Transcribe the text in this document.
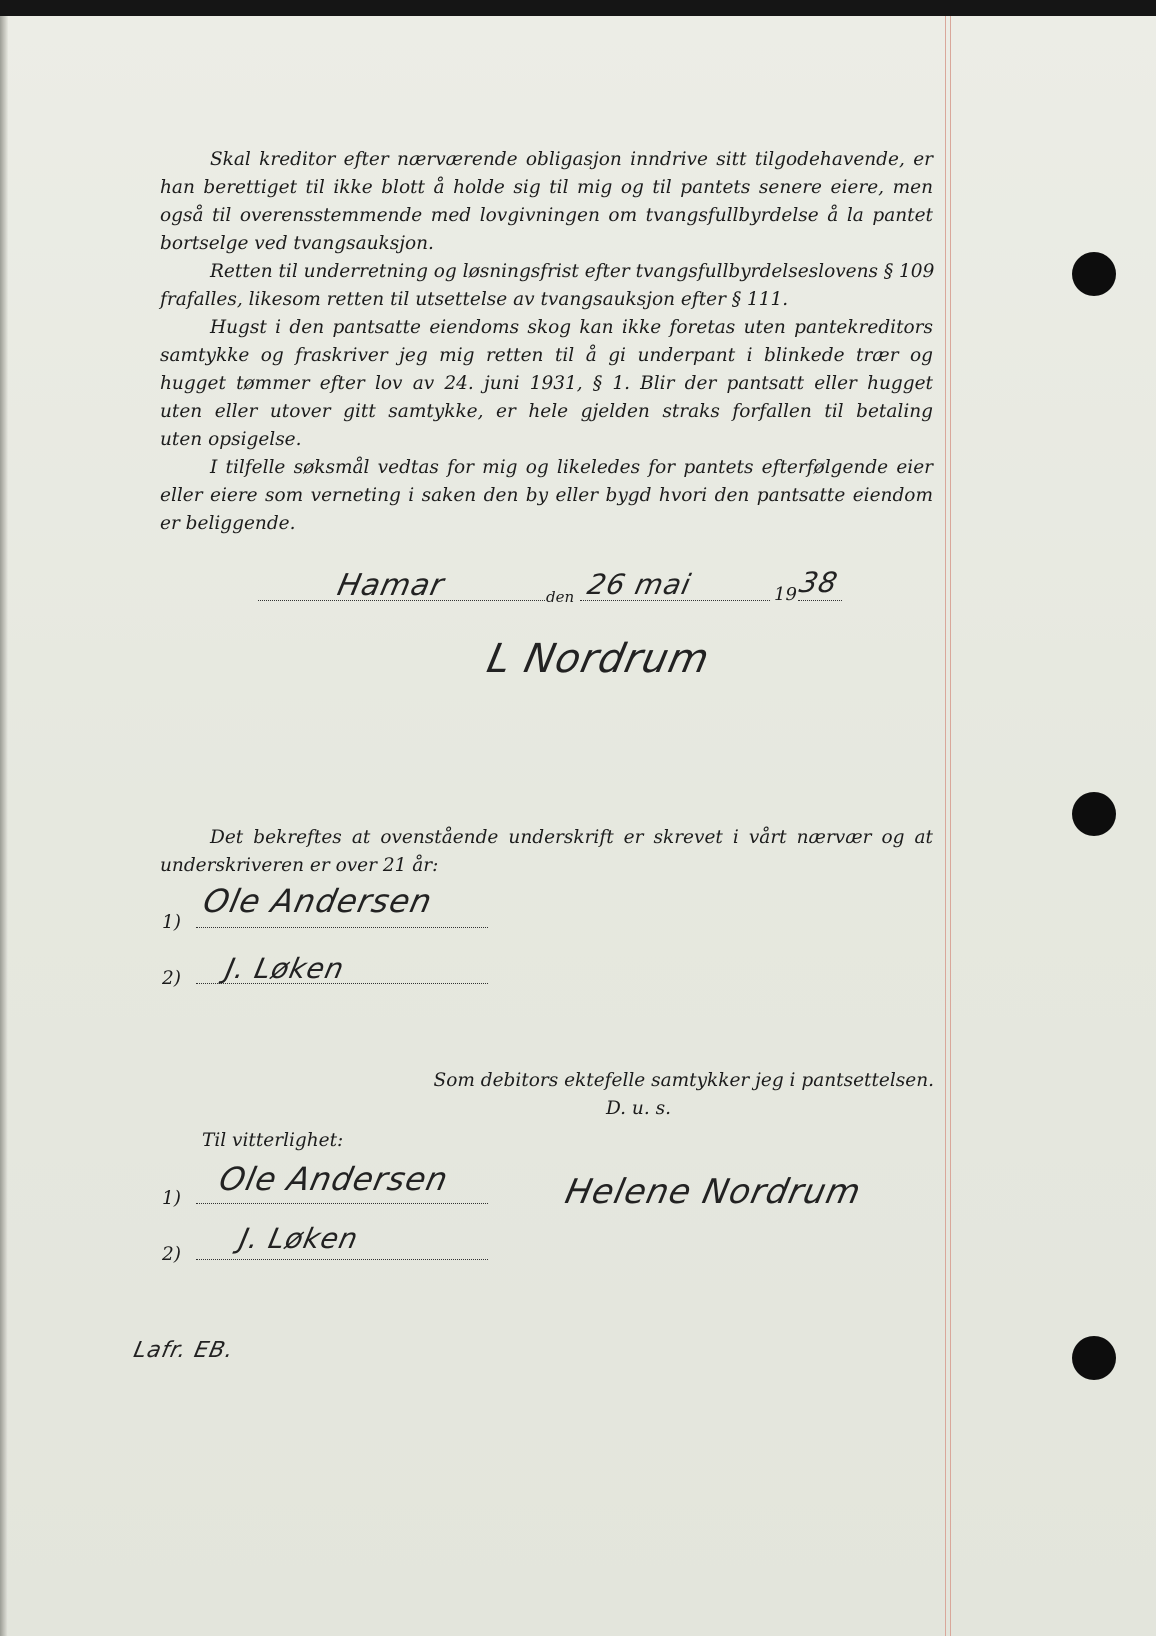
Skal kreditor efter nærværende obligasjon inndrive sitt tilgodehavende, er
han berettiget til ikke blott å holde sig til mig og til pantets senere eiere, men
også til overensstemmende med lovgivningen om tvangsfullbyrdelse å la pantet
bortselge ved tvangsauksjon.
Retten til underretning og løsningsfrist efter tvangsfullbyrdelseslovens § 109
frafalles, likesom retten til utsettelse av tvangsauksjon efter § 111.
Hugst i den pantsatte eiendoms skog kan ikke foretas uten pantekreditors
samtykke og fraskriver jeg mig retten til å gi underpant i blinkede trær og
hugget tømmer efter lov av 24. juni 1931, § 1. Blir der pantsatt eller hugget
uten eller utover gitt samtykke, er hele gjelden straks forfallen til betaling
uten opsigelse.
I tilfelle søksmål vedtas for mig og likeledes for pantets efterfølgende eier
eller eiere som verneting i saken den by eller bygd hvori den pantsatte eiendom
er beliggende.
Hamar	den 26 mai	19 38
L Nordrum
Det bekreftes at ovenstående underskrift er skrevet i vårt nærvær og at
underskriveren er over 21 år:
1)
Ole Andersen
2) J. Løken
Som debitors ektefelle samtykker jeg i pantsettelsen.
D. u. s.
Til vitterlighet:
1)
Ole Andersen
2) J. Løken
Helene Nordrum
Lafr. EB.
